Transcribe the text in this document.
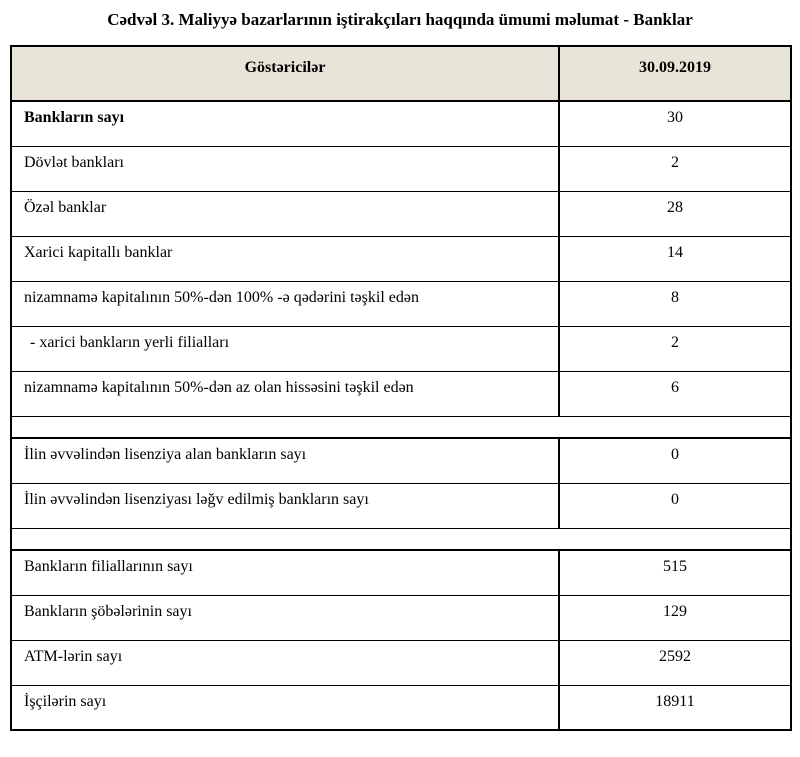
Cədvəl 3. Maliyyə bazarlarının iştirakçıları haqqında ümumi məlumat - Banklar
Göstəricilər	30.09.2019
Bankların sayı	30
Dövlət bankları	2
Özəl banklar	28
Xarici kapitallı banklar	14
nizamnamə kapitalının 50%-dən 100% -ə qədərini təşkil edən	8
- xarici bankların yerli filialları	2
nizamnamə kapitalının 50%-dən az olan hissəsini təşkil edən	6

İlin əvvəlindən lisenziya alan bankların sayı	0
İlin əvvəlindən lisenziyası ləğv edilmiş bankların sayı	0

Bankların filiallarının sayı	515
Bankların şöbələrinin sayı	129
ATM-lərin sayı	2592
İşçilərin sayı	18911
